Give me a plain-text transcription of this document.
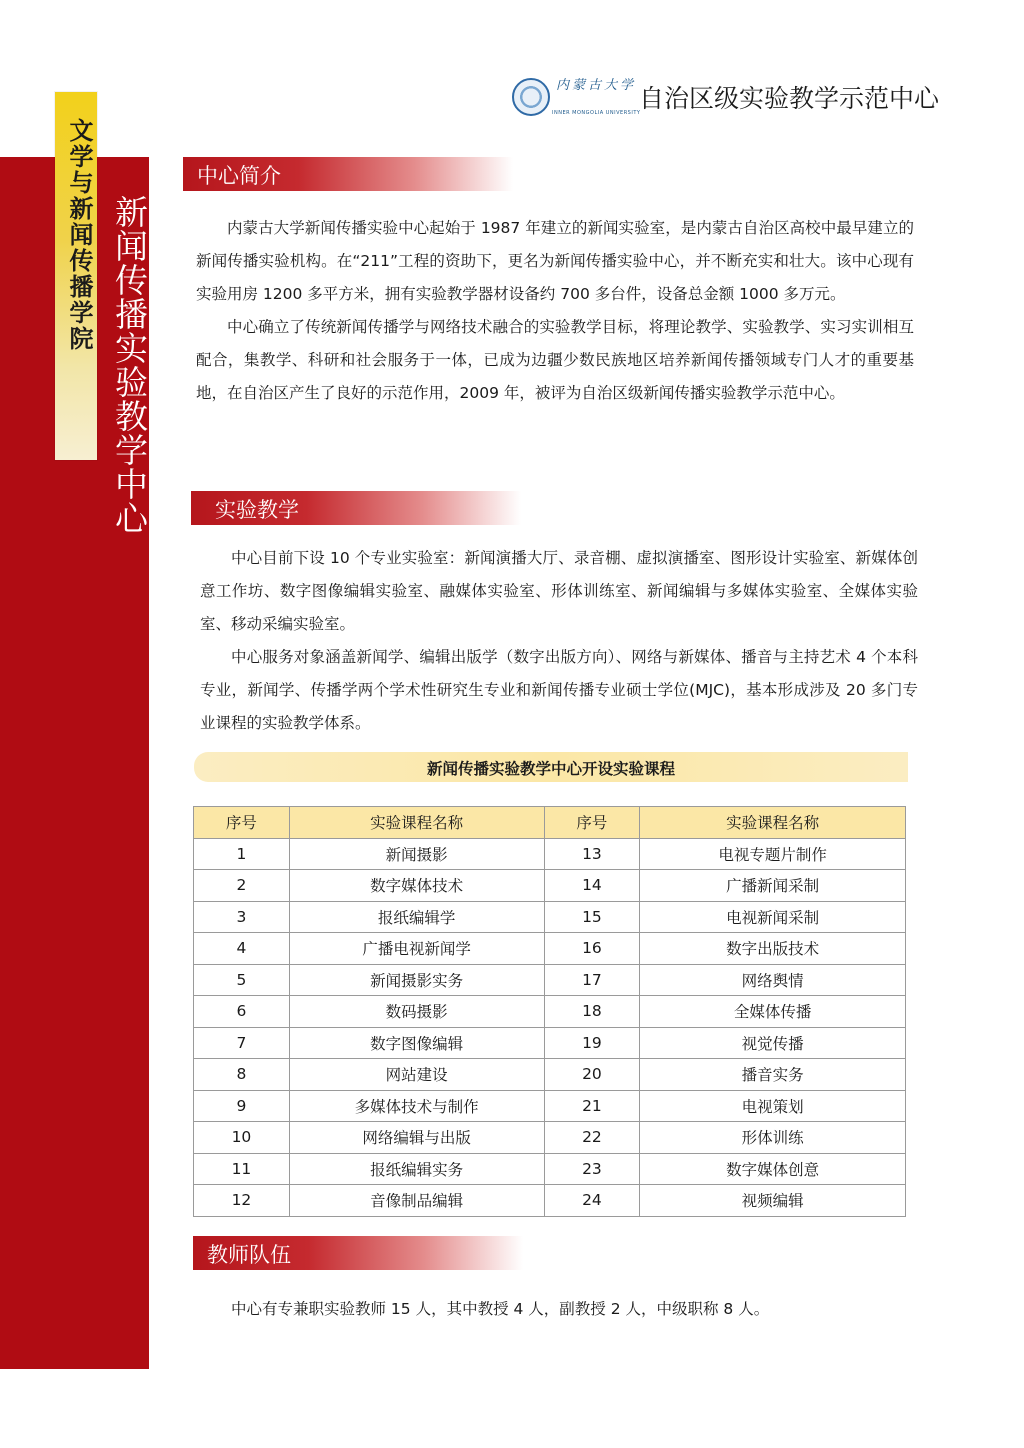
文学与新闻传播学院 新闻传播实验教学中心
内蒙古大学
INNER MONGOLIA UNIVERSITY
自治区级实验教学示范中心
中心简介

内蒙古大学新闻传播实验中心起始于 1987 年建立的新闻实验室，是内蒙古自治区高校中最早建立的新闻传播实验机构。在“211”工程的资助下，更名为新闻传播实验中心，并不断充实和壮大。该中心现有实验用房 1200 多平方米，拥有实验教学器材设备约 700 多台件，设备总金额 1000 多万元。

中心确立了传统新闻传播学与网络技术融合的实验教学目标，将理论教学、实验教学、实习实训相互配合，集教学、科研和社会服务于一体，已成为边疆少数民族地区培养新闻传播领域专门人才的重要基地，在自治区产生了良好的示范作用，2009 年，被评为自治区级新闻传播实验教学示范中心。

实验教学

中心目前下设 10 个专业实验室：新闻演播大厅、录音棚、虚拟演播室、图形设计实验室、新媒体创意工作坊、数字图像编辑实验室、融媒体实验室、形体训练室、新闻编辑与多媒体实验室、全媒体实验室、移动采编实验室。

中心服务对象涵盖新闻学、编辑出版学（数字出版方向）、网络与新媒体、播音与主持艺术 4 个本科专业，新闻学、传播学两个学术性研究生专业和新闻传播专业硕士学位(MJC)，基本形成涉及 20 多门专业课程的实验教学体系。

新闻传播实验教学中心开设实验课程
序号	实验课程名称	序号	实验课程名称
1	新闻摄影	13	电视专题片制作
2	数字媒体技术	14	广播新闻采制
3	报纸编辑学	15	电视新闻采制
4	广播电视新闻学	16	数字出版技术
5	新闻摄影实务	17	网络舆情
6	数码摄影	18	全媒体传播
7	数字图像编辑	19	视觉传播
8	网站建设	20	播音实务
9	多媒体技术与制作	21	电视策划
10	网络编辑与出版	22	形体训练
11	报纸编辑实务	23	数字媒体创意
12	音像制品编辑	24	视频编辑
教师队伍

中心有专兼职实验教师 15 人，其中教授 4 人，副教授 2 人，中级职称 8 人。
